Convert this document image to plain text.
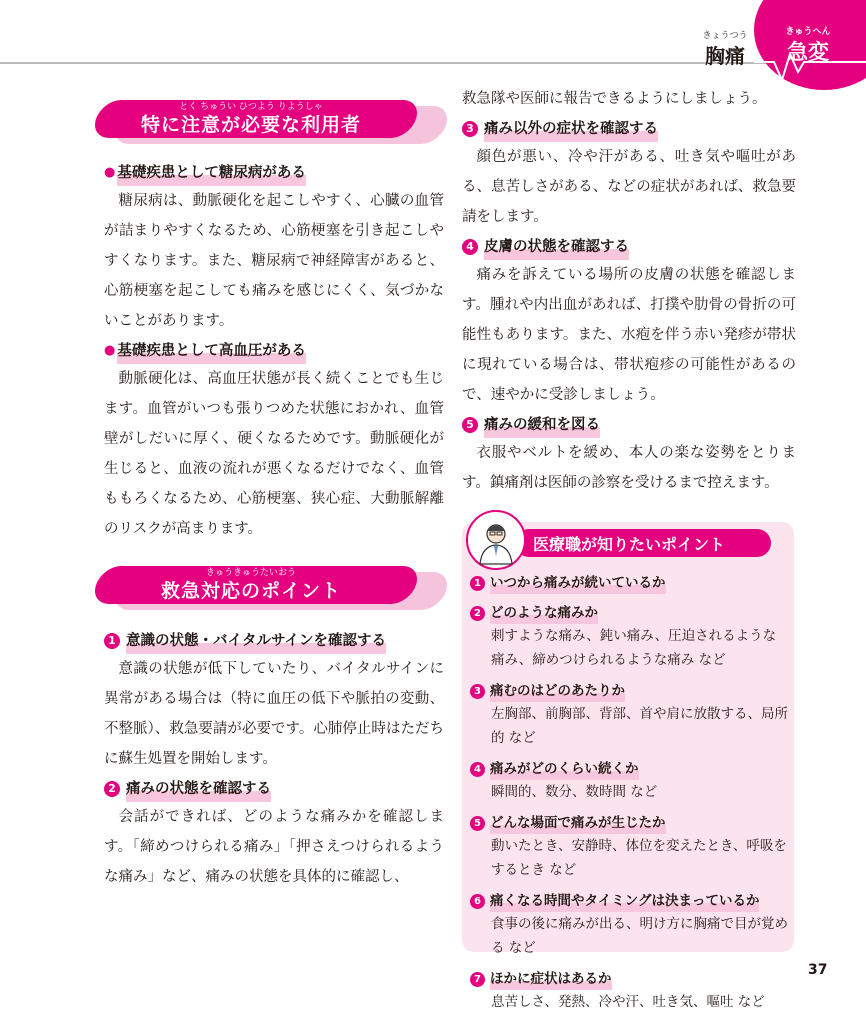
きょうつう
胸痛
きゅうへん
急変
とく ちゅうい ひつよう りようしゃ
特に注意が必要な利用者
● 基礎疾患として糖尿病がある

糖尿病は、動脈硬化を起こしやすく、心臓の血管が詰まりやすくなるため、心筋梗塞を引き起こしやすくなります。また、糖尿病で神経障害があると、心筋梗塞を起こしても痛みを感じにくく、気づかないことがあります。

● 基礎疾患として高血圧がある

動脈硬化は、高血圧状態が長く続くことでも生じます。血管がいつも張りつめた状態におかれ、血管壁がしだいに厚く、硬くなるためです。動脈硬化が生じると、血液の流れが悪くなるだけでなく、血管ももろくなるため、心筋梗塞、狭心症、大動脈解離のリスクが高まります。

きゅうきゅうたいおう
救急対応のポイント
1 意識の状態・バイタルサインを確認する

意識の状態が低下していたり、バイタルサインに異常がある場合は（特に血圧の低下や脈拍の変動、不整脈）、救急要請が必要です。心肺停止時はただちに蘇生処置を開始します。

2 痛みの状態を確認する

会話ができれば、どのような痛みかを確認します。「締めつけられる痛み」「押さえつけられるような痛み」など、痛みの状態を具体的に確認し、

救急隊や医師に報告できるようにしましょう。

3 痛み以外の症状を確認する

顔色が悪い、冷や汗がある、吐き気や嘔吐がある、息苦しさがある、などの症状があれば、救急要請をします。

4 皮膚の状態を確認する

痛みを訴えている場所の皮膚の状態を確認します。腫れや内出血があれば、打撲や肋骨の骨折の可能性もあります。また、水疱を伴う赤い発疹が帯状に現れている場合は、帯状疱疹の可能性があるので、速やかに受診しましょう。

5 痛みの緩和を図る

衣服やベルトを緩め、本人の楽な姿勢をとります。鎮痛剤は医師の診察を受けるまで控えます。

医療職が知りたいポイント
1 いつから痛みが続いているか
2 どのような痛みか
刺すような痛み、鈍い痛み、圧迫されるような痛み、締めつけられるような痛み など
3 痛むのはどのあたりか
左胸部、前胸部、背部、首や肩に放散する、局所的 など
4 痛みがどのくらい続くか
瞬間的、数分、数時間 など
5 どんな場面で痛みが生じたか
動いたとき、安静時、体位を変えたとき、呼吸をするとき など
6 痛くなる時間やタイミングは決まっているか
食事の後に痛みが出る、明け方に胸痛で目が覚める など
7 ほかに症状はあるか
息苦しさ、発熱、冷や汗、吐き気、嘔吐 など
37
